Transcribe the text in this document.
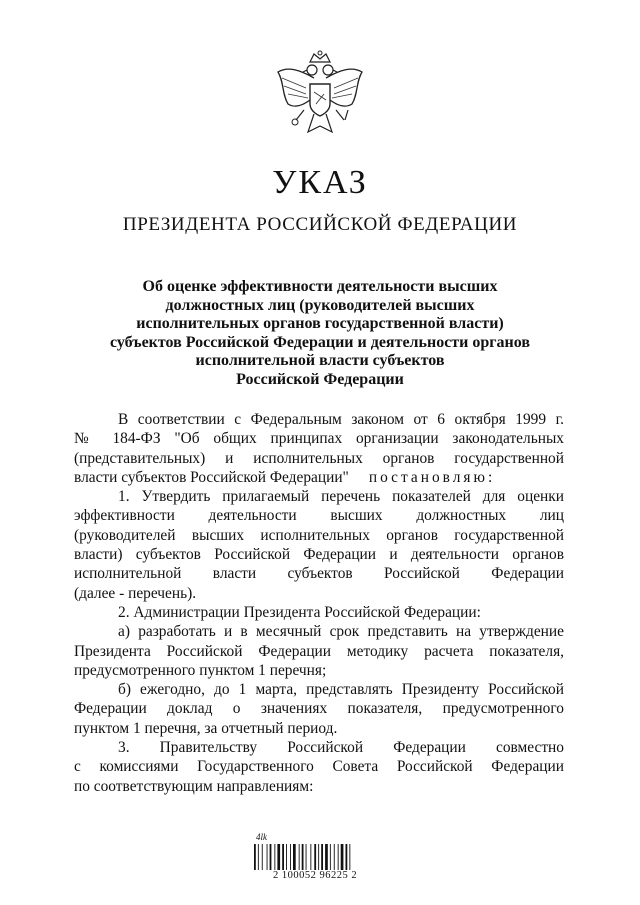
УКАЗ
ПРЕЗИДЕНТА РОССИЙСКОЙ ФЕДЕРАЦИИ
Об оценке эффективности деятельности высших
должностных лиц (руководителей высших
исполнительных органов государственной власти)
субъектов Российской Федерации и деятельности органов
исполнительной власти субъектов
Российской Федерации
В соответствии с Федеральным законом от 6 октября 1999 г.
№ 184-ФЗ "Об общих принципах организации законодательных
(представительных) и исполнительных органов государственной
власти субъектов Российской Федерации" постановляю:
1. Утвердить прилагаемый перечень показателей для оценки
эффективности деятельности высших должностных лиц
(руководителей высших исполнительных органов государственной
власти) субъектов Российской Федерации и деятельности органов
исполнительной власти субъектов Российской Федерации
(далее - перечень).
2. Администрации Президента Российской Федерации:
а) разработать и в месячный срок представить на утверждение
Президента Российской Федерации методику расчета показателя,
предусмотренного пунктом 1 перечня;
б) ежегодно, до 1 марта, представлять Президенту Российской
Федерации доклад о значениях показателя, предусмотренного
пунктом 1 перечня, за отчетный период.
3. Правительству Российской Федерации совместно
с комиссиями Государственного Совета Российской Федерации
по соответствующим направлениям:
4lk
2 100052 96225 2
